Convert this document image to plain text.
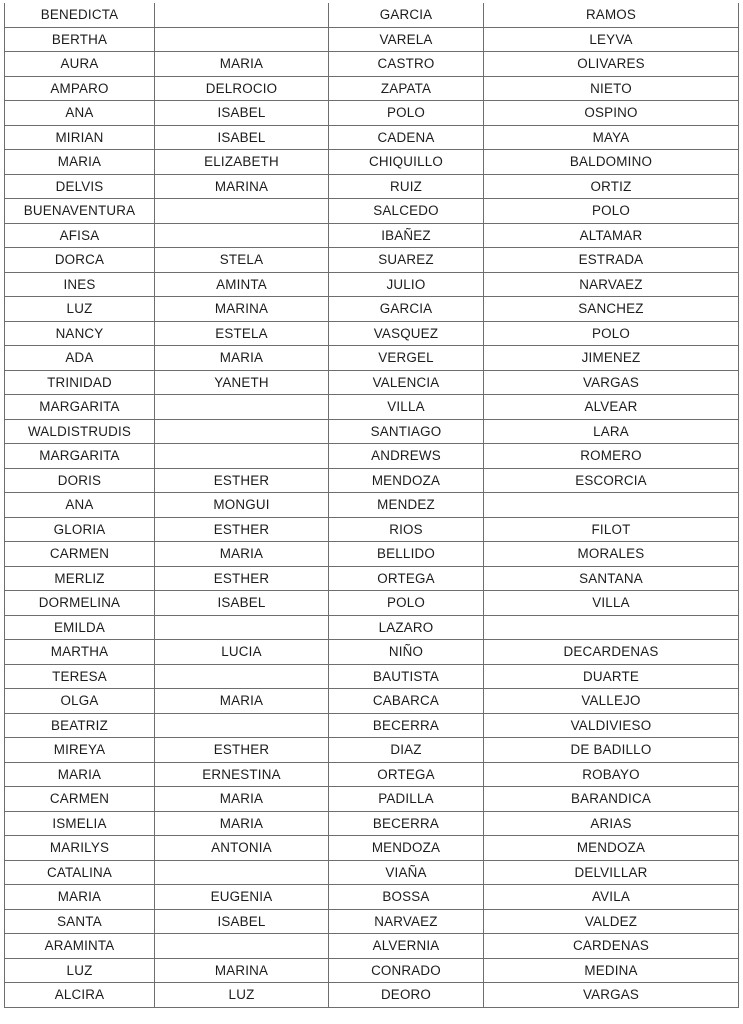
BENEDICTA		GARCIA	RAMOS
BERTHA		VARELA	LEYVA
AURA	MARIA	CASTRO	OLIVARES
AMPARO	DELROCIO	ZAPATA	NIETO
ANA	ISABEL	POLO	OSPINO
MIRIAN	ISABEL	CADENA	MAYA
MARIA	ELIZABETH	CHIQUILLO	BALDOMINO
DELVIS	MARINA	RUIZ	ORTIZ
BUENAVENTURA		SALCEDO	POLO
AFISA		IBAÑEZ	ALTAMAR
DORCA	STELA	SUAREZ	ESTRADA
INES	AMINTA	JULIO	NARVAEZ
LUZ	MARINA	GARCIA	SANCHEZ
NANCY	ESTELA	VASQUEZ	POLO
ADA	MARIA	VERGEL	JIMENEZ
TRINIDAD	YANETH	VALENCIA	VARGAS
MARGARITA		VILLA	ALVEAR
WALDISTRUDIS		SANTIAGO	LARA
MARGARITA		ANDREWS	ROMERO
DORIS	ESTHER	MENDOZA	ESCORCIA
ANA	MONGUI	MENDEZ	
GLORIA	ESTHER	RIOS	FILOT
CARMEN	MARIA	BELLIDO	MORALES
MERLIZ	ESTHER	ORTEGA	SANTANA
DORMELINA	ISABEL	POLO	VILLA
EMILDA		LAZARO	
MARTHA	LUCIA	NIÑO	DECARDENAS
TERESA		BAUTISTA	DUARTE
OLGA	MARIA	CABARCA	VALLEJO
BEATRIZ		BECERRA	VALDIVIESO
MIREYA	ESTHER	DIAZ	DE BADILLO
MARIA	ERNESTINA	ORTEGA	ROBAYO
CARMEN	MARIA	PADILLA	BARANDICA
ISMELIA	MARIA	BECERRA	ARIAS
MARILYS	ANTONIA	MENDOZA	MENDOZA
CATALINA		VIAÑA	DELVILLAR
MARIA	EUGENIA	BOSSA	AVILA
SANTA	ISABEL	NARVAEZ	VALDEZ
ARAMINTA		ALVERNIA	CARDENAS
LUZ	MARINA	CONRADO	MEDINA
ALCIRA	LUZ	DEORO	VARGAS
